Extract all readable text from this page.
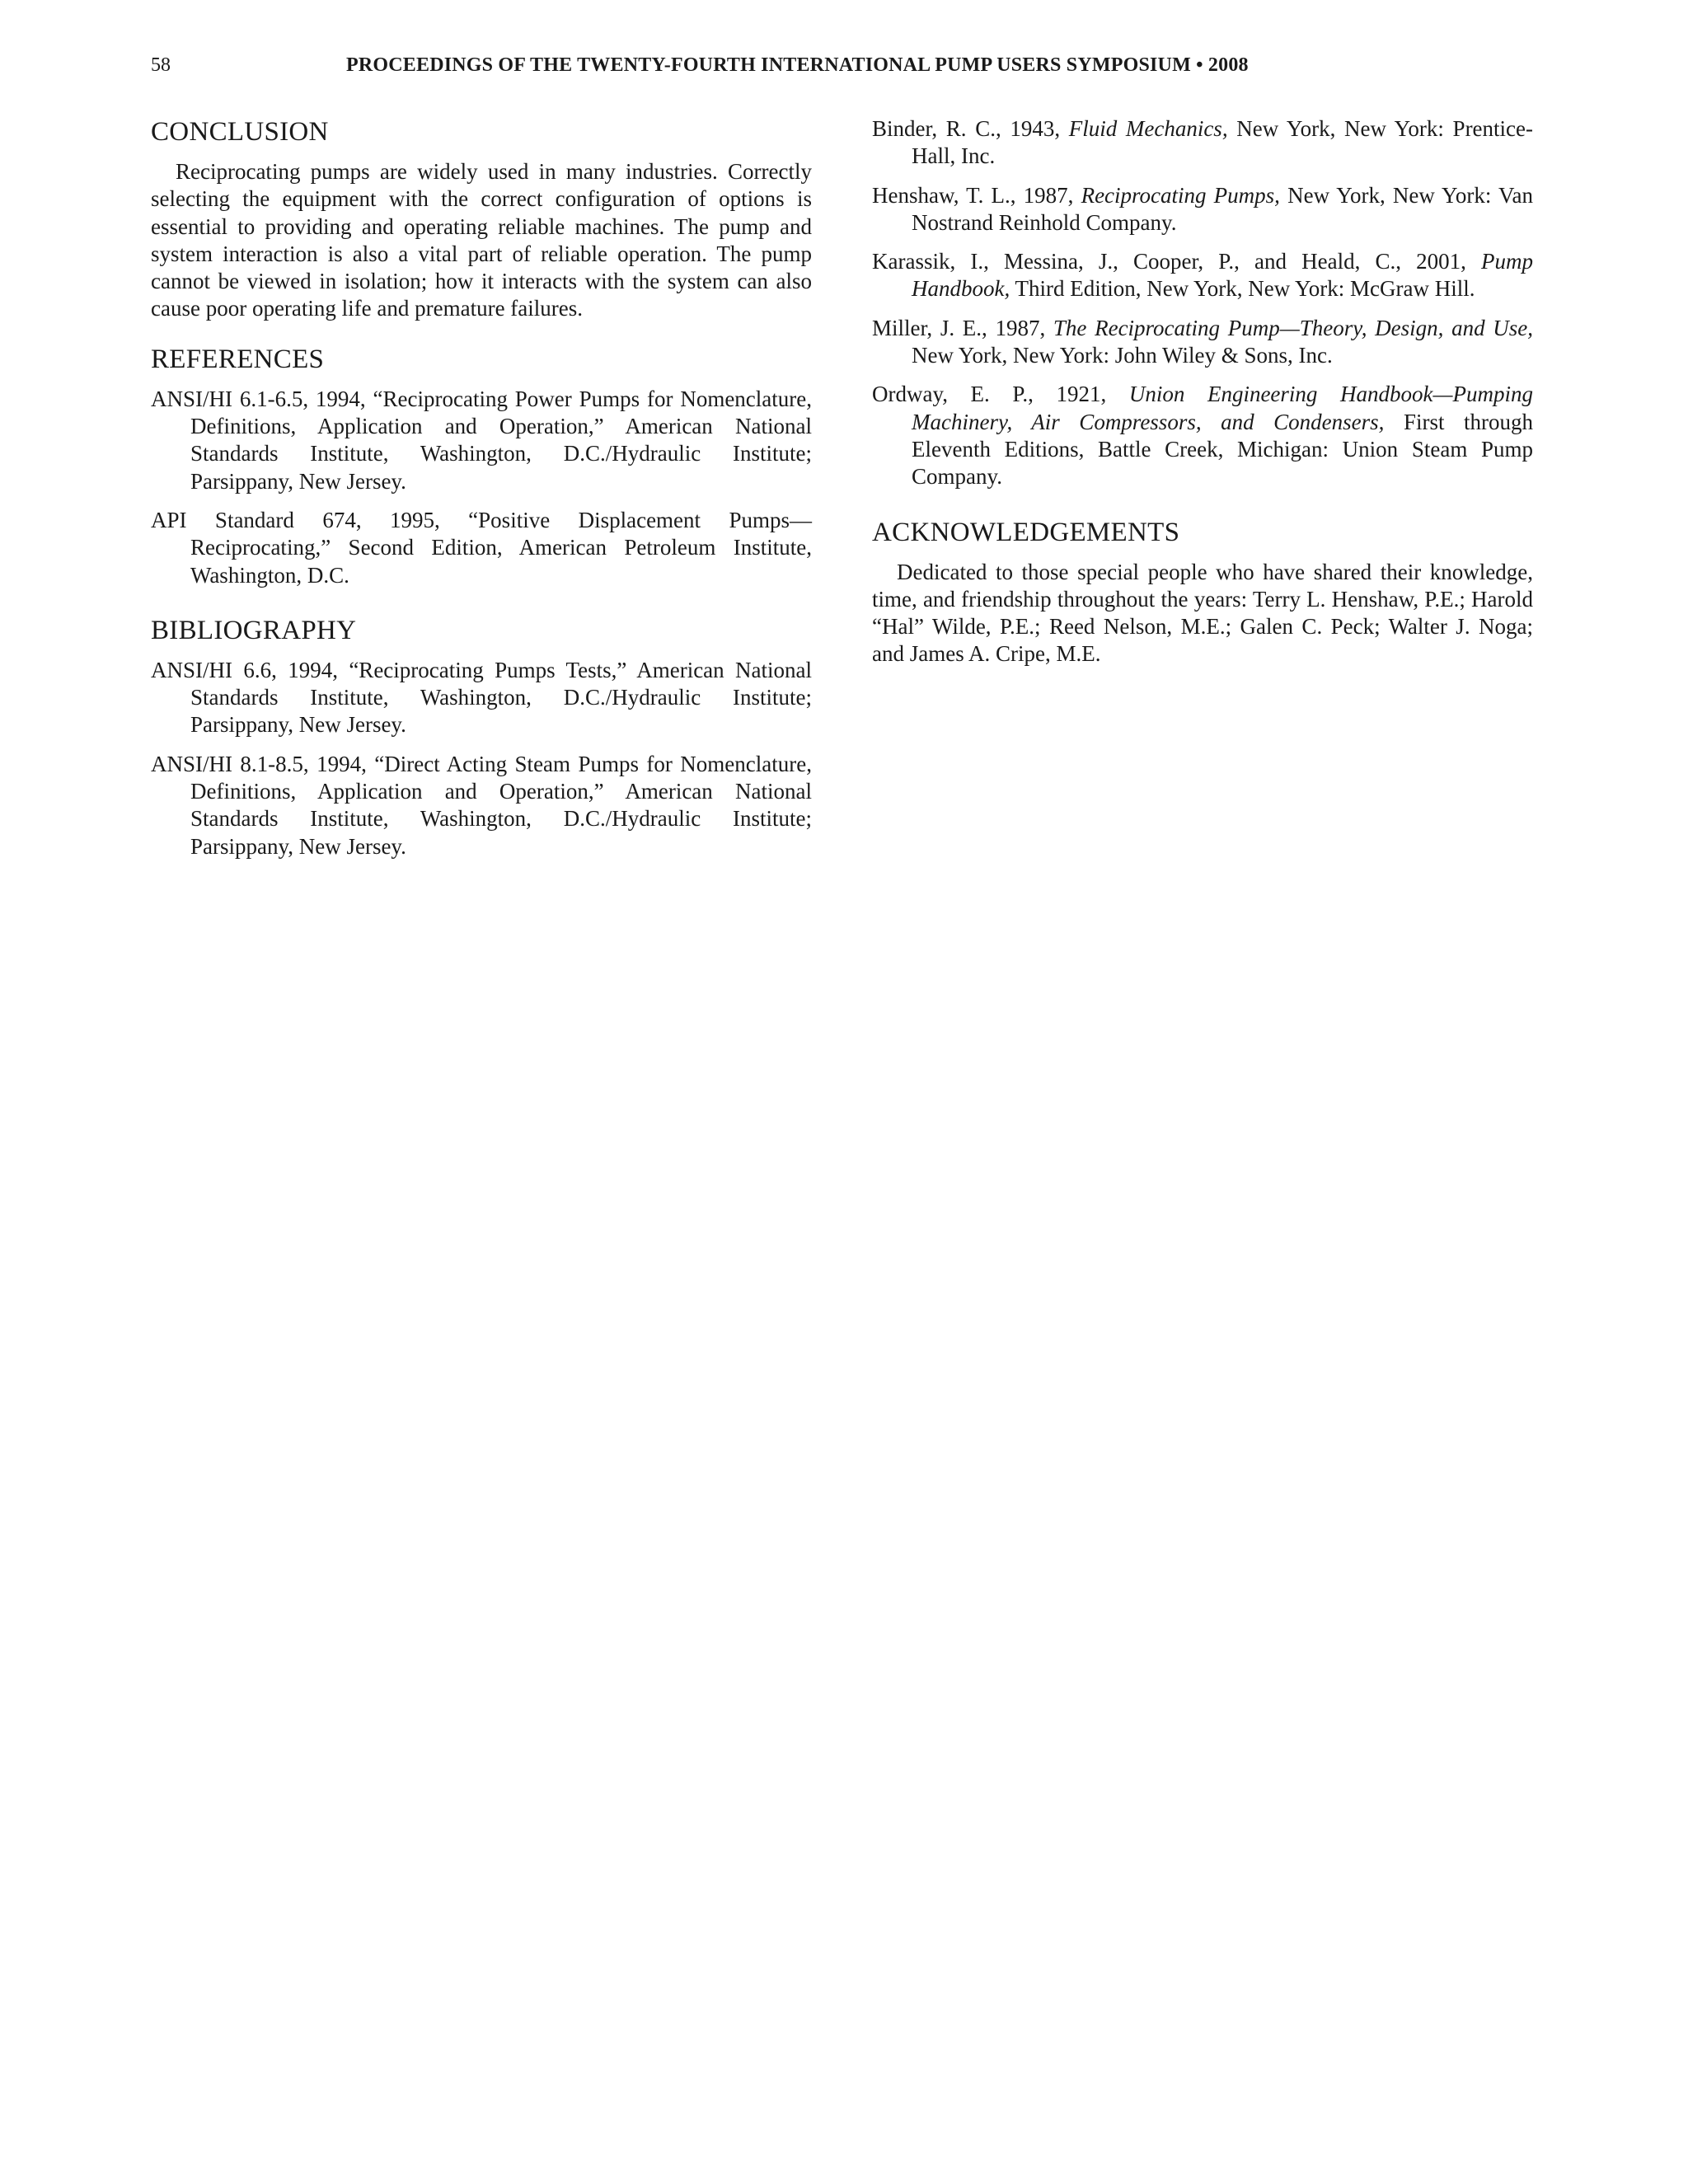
58	PROCEEDINGS OF THE TWENTY-FOURTH INTERNATIONAL PUMP USERS SYMPOSIUM • 2008
CONCLUSION

Reciprocating pumps are widely used in many industries. Correctly selecting the equipment with the correct configuration of options is essential to providing and operating reliable machines. The pump and system interaction is also a vital part of reliable operation. The pump cannot be viewed in isolation; how it interacts with the system can also cause poor operating life and premature failures.

REFERENCES

ANSI/HI 6.1-6.5, 1994, “Reciprocating Power Pumps for Nomenclature, Definitions, Application and Operation,” American National Standards Institute, Washington, D.C./Hydraulic Institute; Parsippany, New Jersey.

API Standard 674, 1995, “Positive Displacement Pumps—Reciprocating,” Second Edition, American Petroleum Institute, Washington, D.C.

BIBLIOGRAPHY

ANSI/HI 6.6, 1994, “Reciprocating Pumps Tests,” American National Standards Institute, Washington, D.C./Hydraulic Institute; Parsippany, New Jersey.

ANSI/HI 8.1-8.5, 1994, “Direct Acting Steam Pumps for Nomenclature, Definitions, Application and Operation,” American National Standards Institute, Washington, D.C./Hydraulic Institute; Parsippany, New Jersey.

Binder, R. C., 1943, Fluid Mechanics, New York, New York: Prentice-Hall, Inc.

Henshaw, T. L., 1987, Reciprocating Pumps, New York, New York: Van Nostrand Reinhold Company.

Karassik, I., Messina, J., Cooper, P., and Heald, C., 2001, Pump Handbook, Third Edition, New York, New York: McGraw Hill.

Miller, J. E., 1987, The Reciprocating Pump—Theory, Design, and Use, New York, New York: John Wiley & Sons, Inc.

Ordway, E. P., 1921, Union Engineering Handbook—Pumping Machinery, Air Compressors, and Condensers, First through Eleventh Editions, Battle Creek, Michigan: Union Steam Pump Company.

ACKNOWLEDGEMENTS

Dedicated to those special people who have shared their knowledge, time, and friendship throughout the years: Terry L. Henshaw, P.E.; Harold “Hal” Wilde, P.E.; Reed Nelson, M.E.; Galen C. Peck; Walter J. Noga; and James A. Cripe, M.E.
